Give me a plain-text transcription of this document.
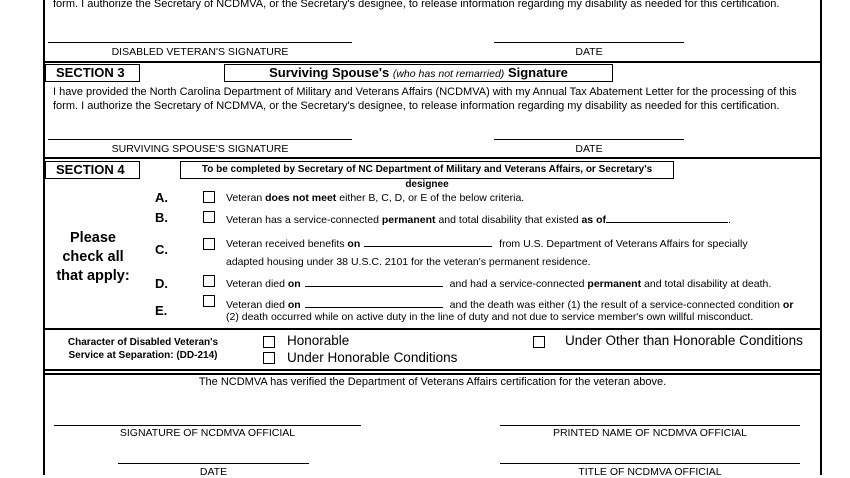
form. I authorize the Secretary of NCDMVA, or the Secretary's designee, to release information regarding my disability as needed for this certification.
DISABLED VETERAN'S SIGNATURE	DATE
SECTION 3	Surviving Spouse's (who has not remarried) Signature
I have provided the North Carolina Department of Military and Veterans Affairs (NCDMVA) with my Annual Tax Abatement Letter for the processing of this
form. I authorize the Secretary of NCDMVA, or the Secretary's designee, to release information regarding my disability as needed for this certification.
SURVIVING SPOUSE'S SIGNATURE	DATE
SECTION 4	To be completed by Secretary of NC Department of Military and Veterans Affairs, or Secretary's designee
Please
check all
that apply:
A.	Veteran does not meet either B, C, D, or E of the below criteria.
B.	Veteran has a service-connected permanent and total disability that existed as of	.
C.	Veteran received benefits on	from U.S. Department of Veterans Affairs for specially
adapted housing under 38 U.S.C. 2101 for the veteran's permanent residence.
D.	Veteran died on	and had a service-connected permanent and total disability at death.
E.	Veteran died on	and the death was either (1) the result of a service-connected condition or
(2) death occurred while on active duty in the line of duty and not due to service member's own willful misconduct.
Character of Disabled Veteran's
Service at Separation: (DD-214)
Honorable
Under Honorable Conditions
Under Other than Honorable Conditions
The NCDMVA has verified the Department of Veterans Affairs certification for the veteran above.
SIGNATURE OF NCDMVA OFFICIAL	PRINTED NAME OF NCDMVA OFFICIAL
DATE	TITLE OF NCDMVA OFFICIAL
